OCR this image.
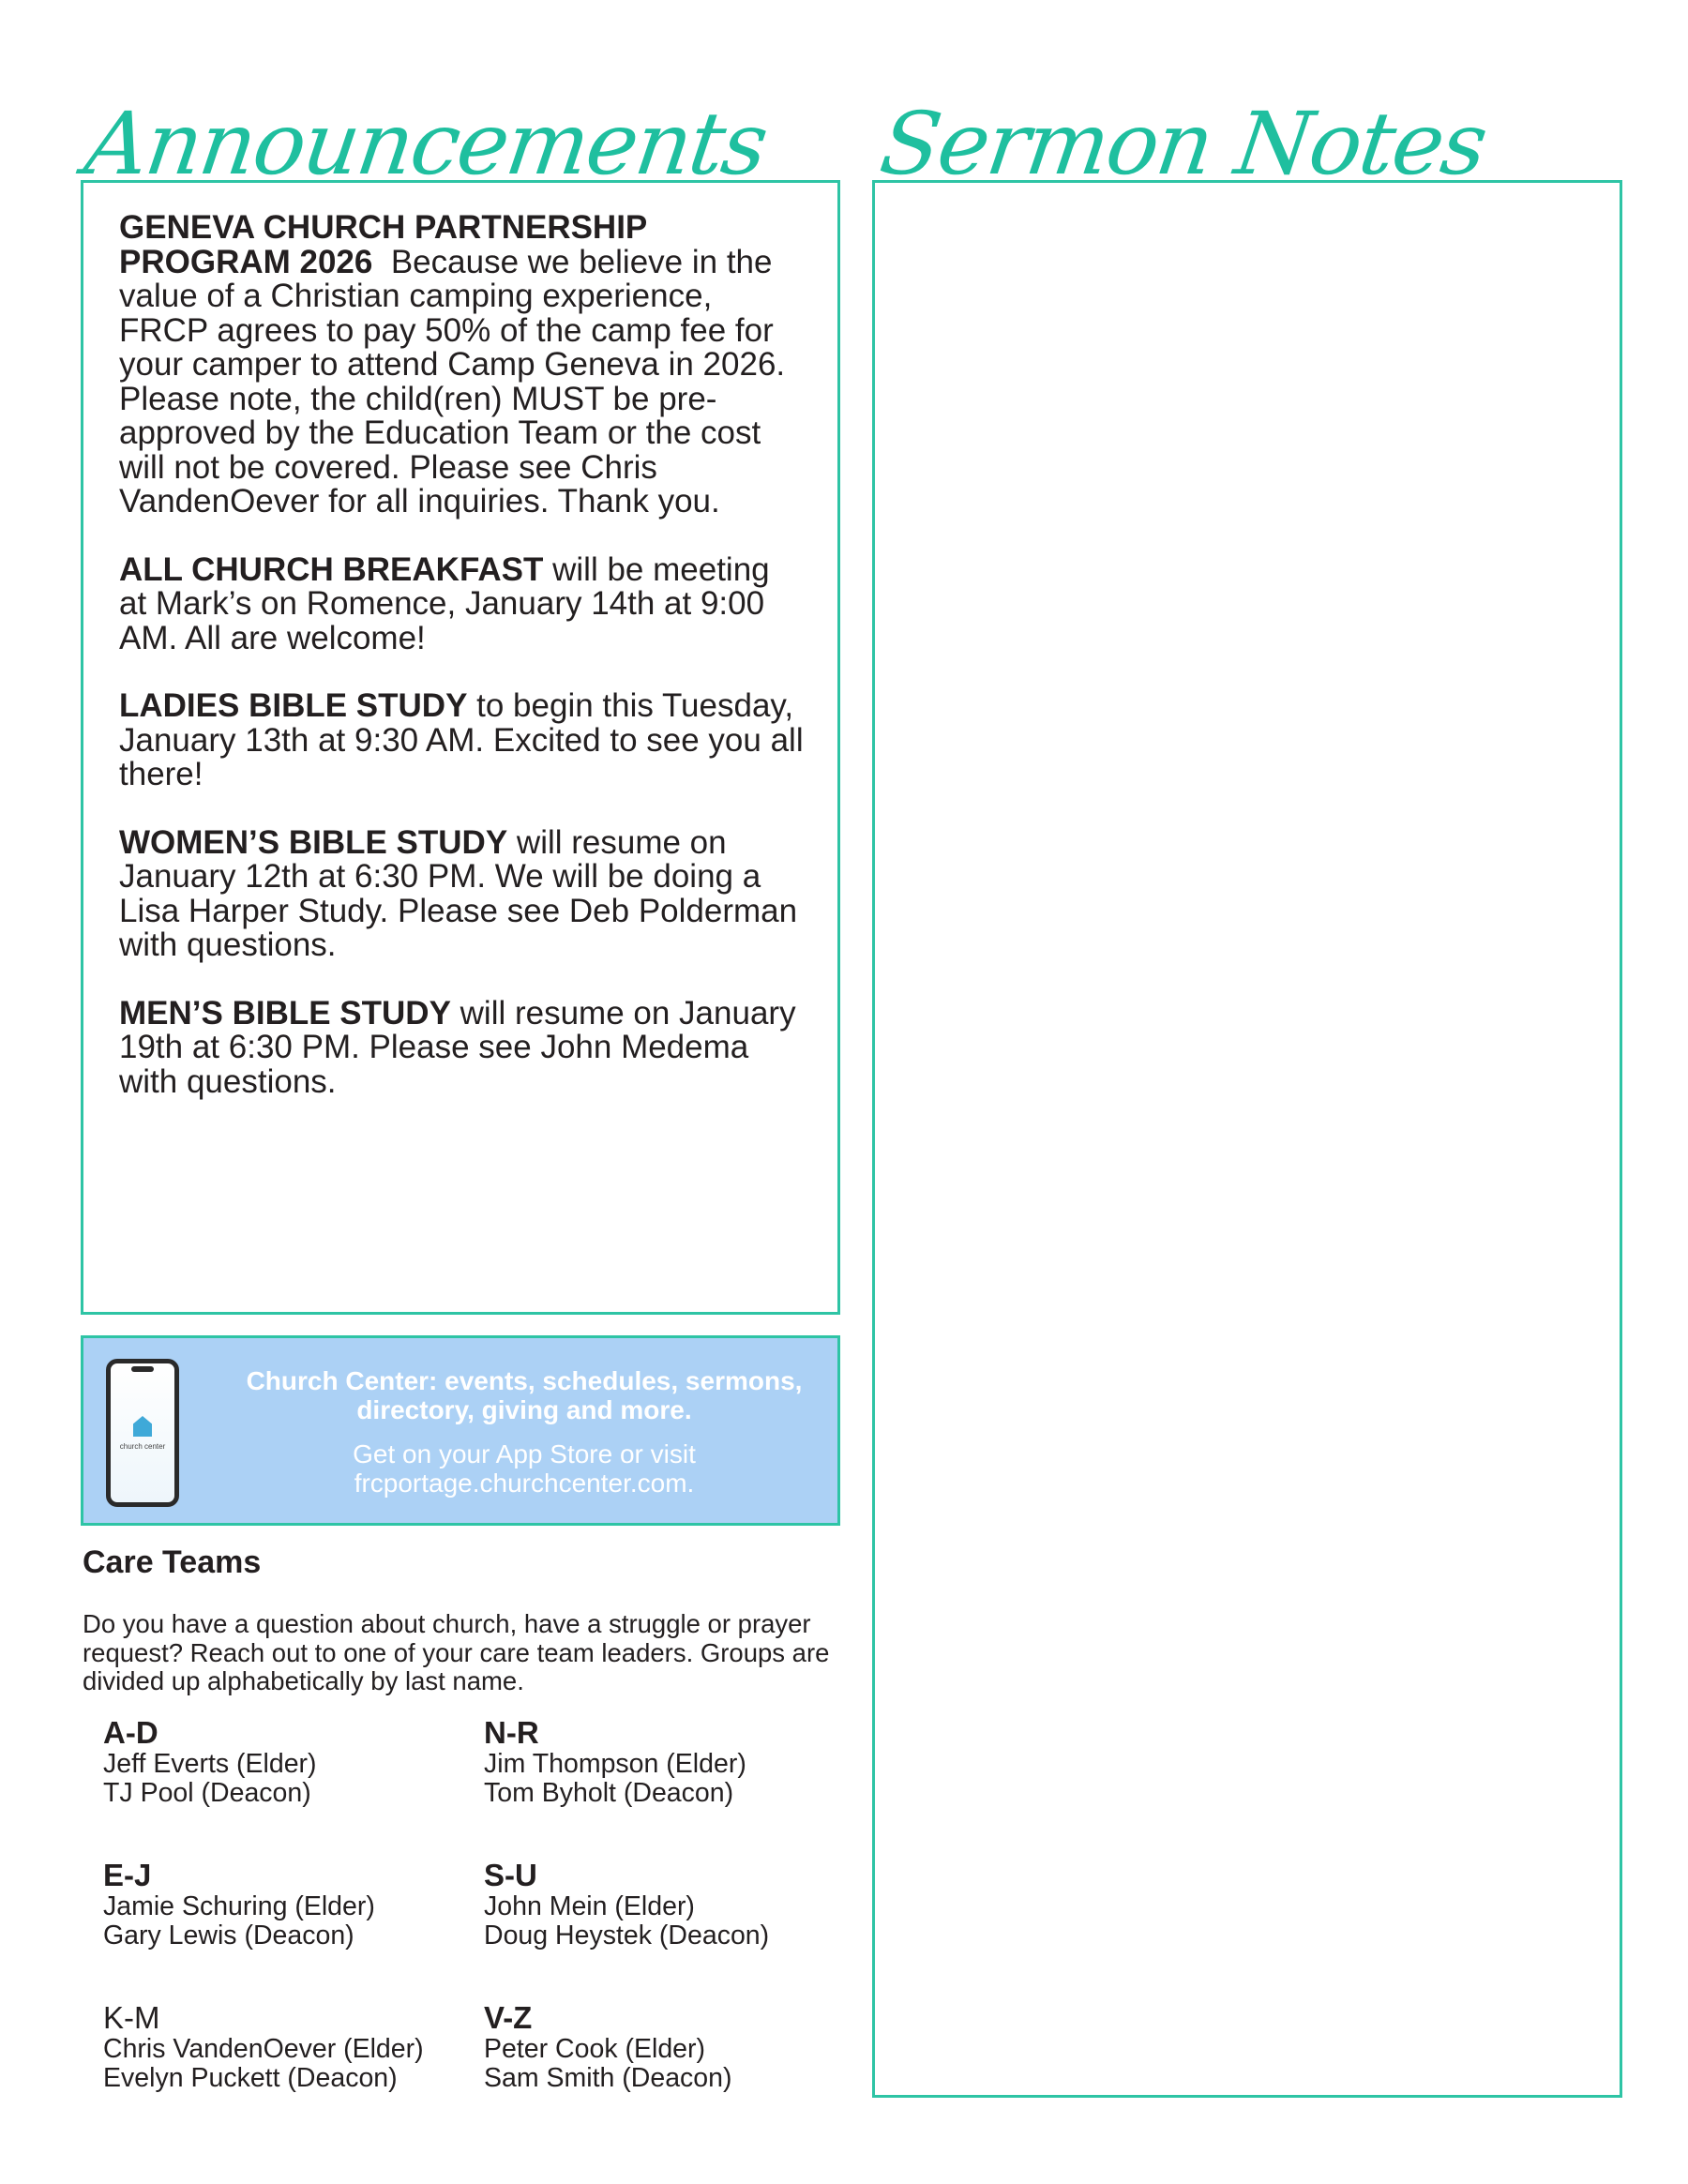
Announcements Sermon Notes

GENEVA CHURCH PARTNERSHIP PROGRAM 2026  Because we believe in the value of a Christian camping experience, FRCP agrees to pay 50% of the camp fee for your camper to attend Camp Geneva in 2026. Please note, the child(ren) MUST be pre-approved by the Education Team or the cost will not be covered. Please see Chris VandenOever for all inquiries. Thank you.

ALL CHURCH BREAKFAST will be meeting at Mark’s on Romence, January 14th at 9:00 AM. All are welcome!

LADIES BIBLE STUDY to begin this Tuesday, January 13th at 9:30 AM. Excited to see you all there!

WOMEN’S BIBLE STUDY will resume on January 12th at 6:30 PM. We will be doing a Lisa Harper Study. Please see Deb Polderman with questions.

MEN’S BIBLE STUDY will resume on January 19th at 6:30 PM. Please see John Medema with questions.

church center
Church Center: events, schedules, sermons, directory, giving and more.
Get on your App Store or visit frcportage.churchcenter.com.
Care Teams
Do you have a question about church, have a struggle or prayer request? Reach out to one of your care team leaders. Groups are divided up alphabetically by last name.
A-D
Jeff Everts (Elder)
TJ Pool (Deacon)
N-R
Jim Thompson (Elder)
Tom Byholt (Deacon)
E-J
Jamie Schuring (Elder)
Gary Lewis (Deacon)
S-U
John Mein (Elder)
Doug Heystek (Deacon)
K-M
Chris VandenOever (Elder)
Evelyn Puckett (Deacon)
V-Z
Peter Cook (Elder)
Sam Smith (Deacon)
